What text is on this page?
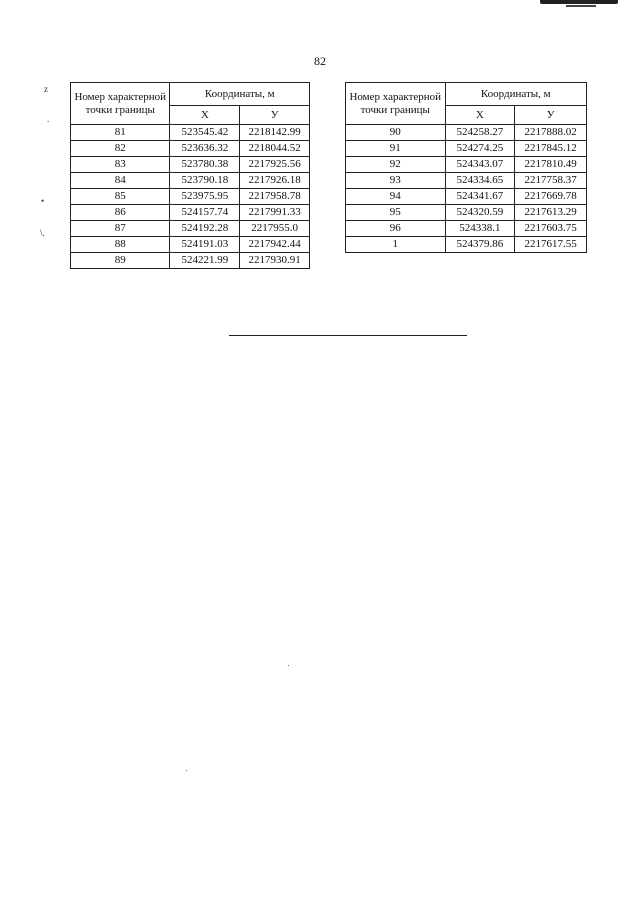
82
z
.
•
\.
Номер характерной точки границы	Координаты, м	
	X	У
81	523545.42	2218142.99
82	523636.32	2218044.52
83	523780.38	2217925.56
84	523790.18	2217926.18
85	523975.95	2217958.78
86	524157.74	2217991.33
87	524192.28	2217955.0
88	524191.03	2217942.44
89	524221.99	2217930.91
Номер характерной точки границы	Координаты, м	
	X	У
90	524258.27	2217888.02
91	524274.25	2217845.12
92	524343.07	2217810.49
93	524334.65	2217758.37
94	524341.67	2217669.78
95	524320.59	2217613.29
96	524338.1	2217603.75
1	524379.86	2217617.55
